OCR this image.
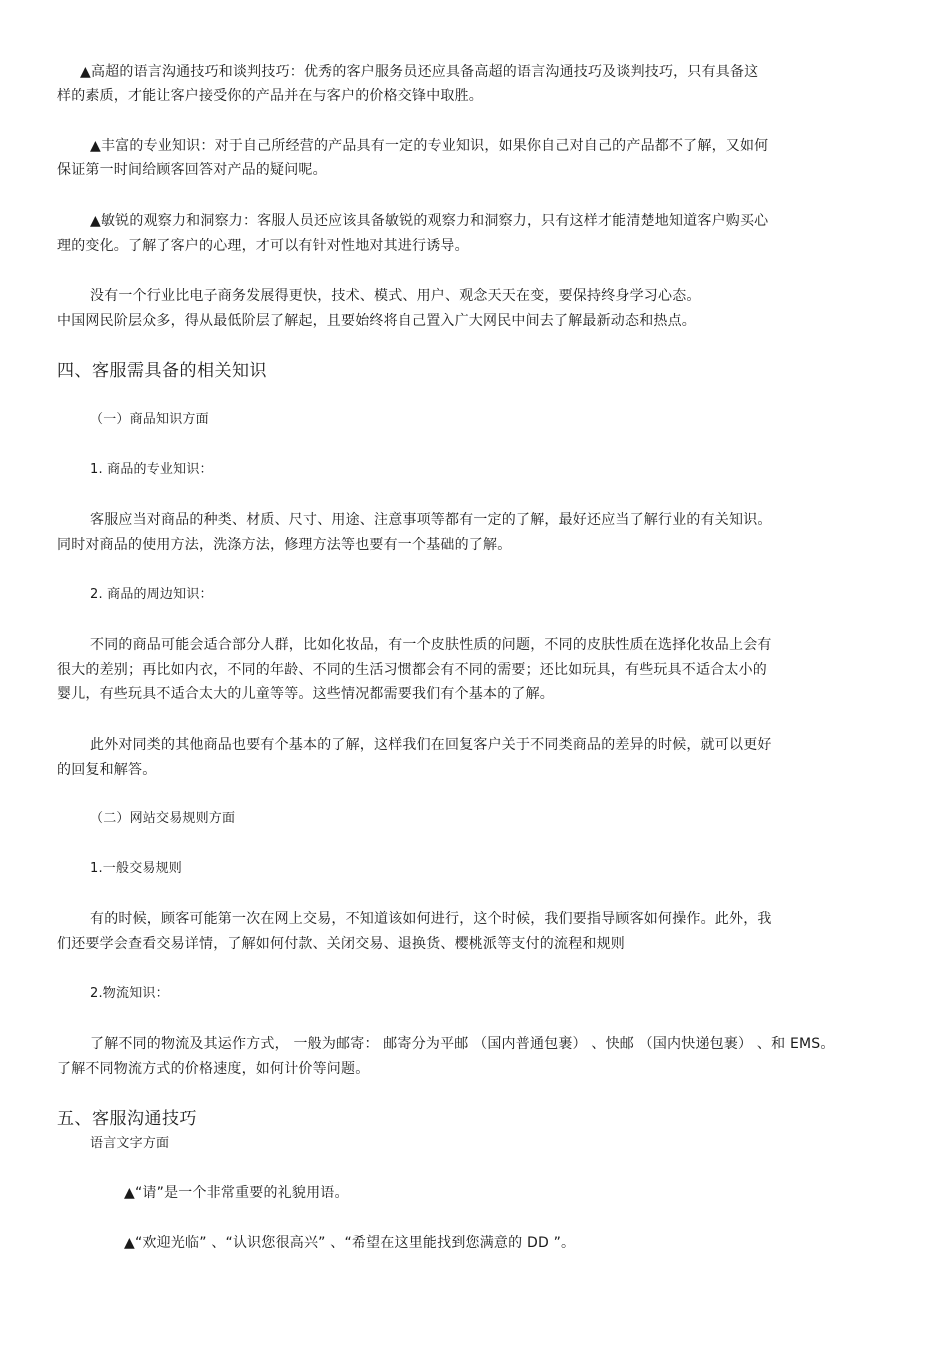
▲高超的语言沟通技巧和谈判技巧：优秀的客户服务员还应具备高超的语言沟通技巧及谈判技巧，只有具备这
样的素质，才能让客户接受你的产品并在与客户的价格交锋中取胜。
▲丰富的专业知识：对于自己所经营的产品具有一定的专业知识，如果你自己对自己的产品都不了解，又如何
保证第一时间给顾客回答对产品的疑问呢。
▲敏锐的观察力和洞察力：客服人员还应该具备敏锐的观察力和洞察力，只有这样才能清楚地知道客户购买心
理的变化。了解了客户的心理，才可以有针对性地对其进行诱导。
没有一个行业比电子商务发展得更快，技术、模式、用户、观念天天在变，要保持终身学习心态。
中国网民阶层众多，得从最低阶层了解起，且要始终将自己置入广大网民中间去了解最新动态和热点。
四、客服需具备的相关知识
（一）商品知识方面
1. 商品的专业知识：
客服应当对商品的种类、材质、尺寸、用途、注意事项等都有一定的了解，最好还应当了解行业的有关知识。
同时对商品的使用方法，洗涤方法，修理方法等也要有一个基础的了解。
2. 商品的周边知识：
不同的商品可能会适合部分人群，比如化妆品，有一个皮肤性质的问题，不同的皮肤性质在选择化妆品上会有
很大的差别；再比如内衣，不同的年龄、不同的生活习惯都会有不同的需要；还比如玩具，有些玩具不适合太小的
婴儿，有些玩具不适合太大的儿童等等。这些情况都需要我们有个基本的了解。
此外对同类的其他商品也要有个基本的了解，这样我们在回复客户关于不同类商品的差异的时候，就可以更好
的回复和解答。
（二）网站交易规则方面
1.一般交易规则
有的时候，顾客可能第一次在网上交易，不知道该如何进行，这个时候，我们要指导顾客如何操作。此外，我
们还要学会查看交易详情，了解如何付款、关闭交易、退换货、樱桃派等支付的流程和规则
2.物流知识：
了解不同的物流及其运作方式， 一般为邮寄： 邮寄分为平邮 （国内普通包裹） 、快邮 （国内快递包裹） 、和 EMS。
了解不同物流方式的价格速度，如何计价等问题。
五、客服沟通技巧
语言文字方面
▲“请”是一个非常重要的礼貌用语。
▲“欢迎光临” 、“认识您很高兴” 、“希望在这里能找到您满意的 DD ”。
